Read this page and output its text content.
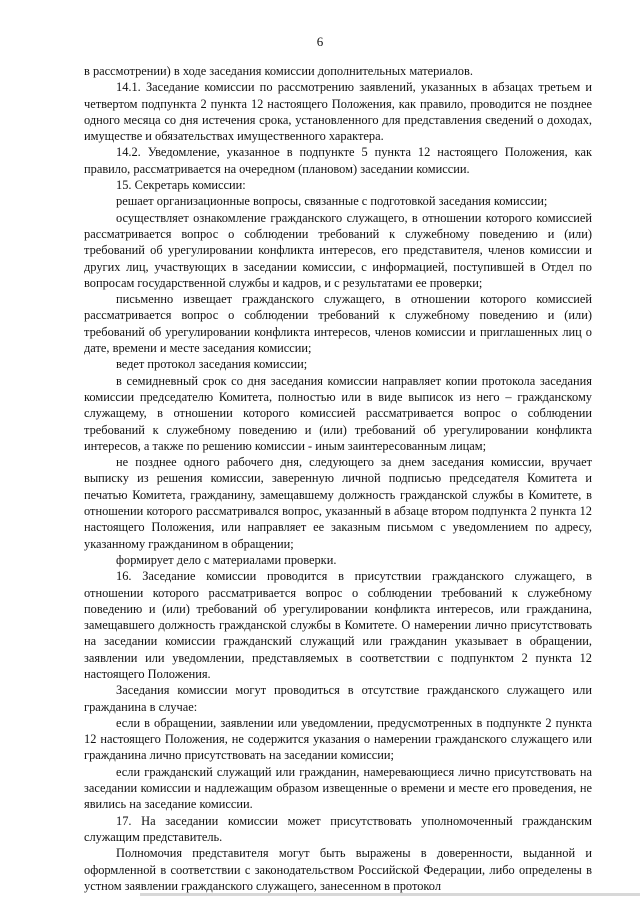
6

в рассмотрении) в ходе заседания комиссии дополнительных материалов.

14.1. Заседание комиссии по рассмотрению заявлений, указанных в абзацах третьем и четвертом подпункта 2 пункта 12 настоящего Положения, как правило, проводится не позднее одного месяца со дня истечения срока, установленного для представления сведений о доходах, имуществе и обязательствах имущественного характера.

14.2. Уведомление, указанное в подпункте 5 пункта 12 настоящего Положения, как правило, рассматривается на очередном (плановом) заседании комиссии.

15. Секретарь комиссии:

решает организационные вопросы, связанные с подготовкой заседания комиссии;

осуществляет ознакомление гражданского служащего, в отношении которого комиссией рассматривается вопрос о соблюдении требований к служебному поведению и (или) требований об урегулировании конфликта интересов, его представителя, членов комиссии и других лиц, участвующих в заседании комиссии, с информацией, поступившей в Отдел по вопросам государственной службы и кадров, и с результатами ее проверки;

письменно извещает гражданского служащего, в отношении которого комиссией рассматривается вопрос о соблюдении требований к служебному поведению и (или) требований об урегулировании конфликта интересов, членов комиссии и приглашенных лиц о дате, времени и месте заседания комиссии;

ведет протокол заседания комиссии;

в семидневный срок со дня заседания комиссии направляет копии протокола заседания комиссии председателю Комитета, полностью или в виде выписок из него – гражданскому служащему, в отношении которого комиссией рассматривается вопрос о соблюдении требований к служебному поведению и (или) требований об урегулировании конфликта интересов, а также по решению комиссии - иным заинтересованным лицам;

не позднее одного рабочего дня, следующего за днем заседания комиссии, вручает выписку из решения комиссии, заверенную личной подписью председателя Комитета и печатью Комитета, гражданину, замещавшему должность гражданской службы в Комитете, в отношении которого рассматривался вопрос, указанный в абзаце втором подпункта 2 пункта 12 настоящего Положения, или направляет ее заказным письмом с уведомлением по адресу, указанному гражданином в обращении;

формирует дело с материалами проверки.

16. Заседание комиссии проводится в присутствии гражданского служащего, в отношении которого рассматривается вопрос о соблюдении требований к служебному поведению и (или) требований об урегулировании конфликта интересов, или гражданина, замещавшего должность гражданской службы в Комитете. О намерении лично присутствовать на заседании комиссии гражданский служащий или гражданин указывает в обращении, заявлении или уведомлении, представляемых в соответствии с подпунктом 2 пункта 12 настоящего Положения.

Заседания комиссии могут проводиться в отсутствие гражданского служащего или гражданина в случае:

если в обращении, заявлении или уведомлении, предусмотренных в подпункте 2 пункта 12 настоящего Положения, не содержится указания о намерении гражданского служащего или гражданина лично присутствовать на заседании комиссии;

если гражданский служащий или гражданин, намеревающиеся лично присутствовать на заседании комиссии и надлежащим образом извещенные о времени и месте его проведения, не явились на заседание комиссии.

17. На заседании комиссии может присутствовать уполномоченный гражданским служащим представитель.

Полномочия представителя могут быть выражены в доверенности, выданной и оформленной в соответствии с законодательством Российской Федерации, либо определены в устном заявлении гражданского служащего, занесенном в протокол
